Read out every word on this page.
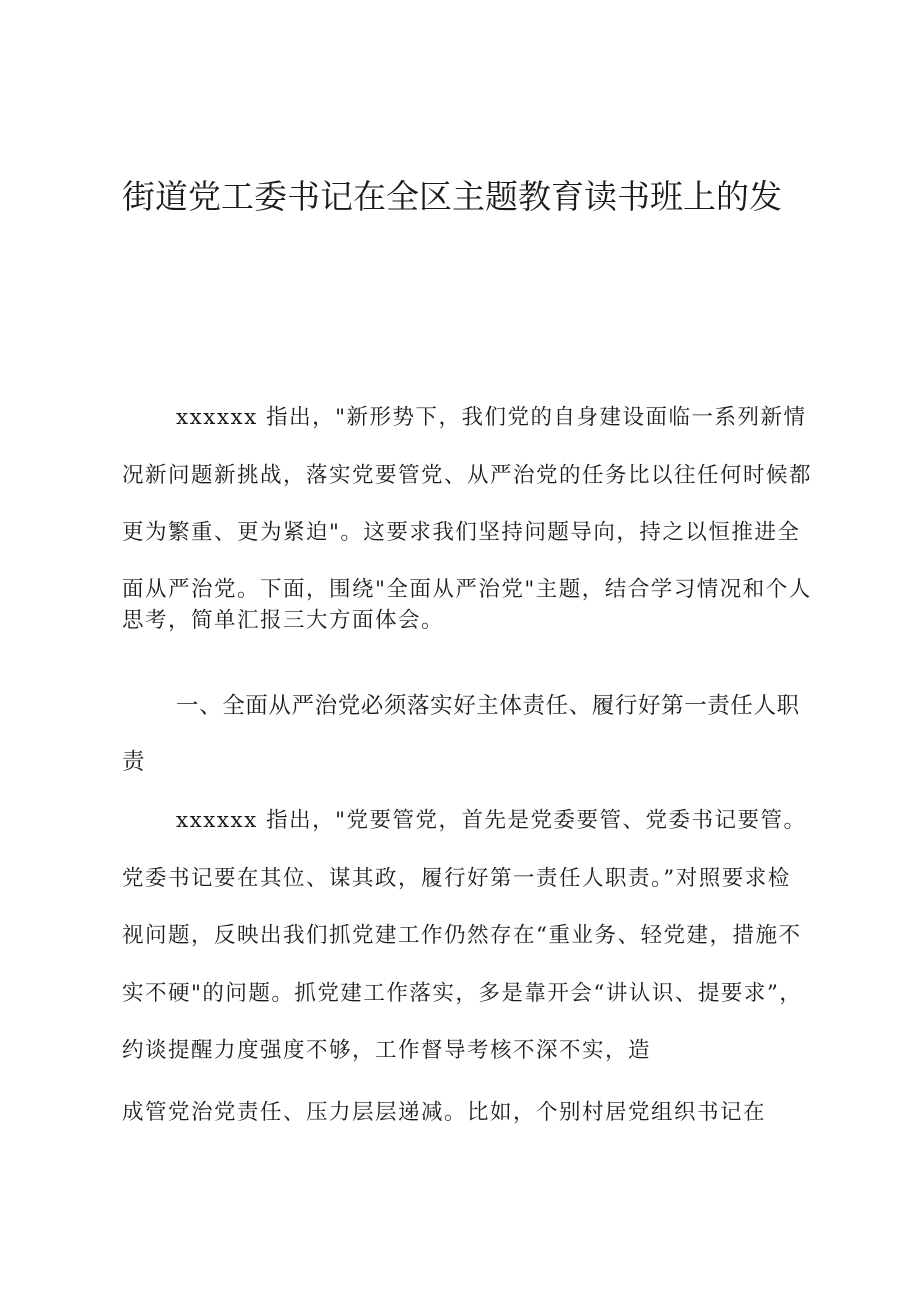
街道党工委书记在全区主题教育读书班上的发
xxxxxx 指出，"新形势下，我们党的自身建设面临一系列新情
况新问题新挑战，落实党要管党、从严治党的任务比以往任何时候都
更为繁重、更为紧迫"。这要求我们坚持问题导向，持之以恒推进全
面从严治党。下面，围绕"全面从严治党"主题，结合学习情况和个人
思考，简单汇报三大方面体会。
一、全面从严治党必须落实好主体责任、履行好第一责任人职
责
xxxxxx 指出，"党要管党，首先是党委要管、党委书记要管。
党委书记要在其位、谋其政，履行好第一责任人职责。”对照要求检
视问题，反映出我们抓党建工作仍然存在“重业务、轻党建，措施不
实不硬"的问题。抓党建工作落实，多是靠开会“讲认识、提要求”，
约谈提醒力度强度不够，工作督导考核不深不实，造
成管党治党责任、压力层层递减。比如，个别村居党组织书记在
